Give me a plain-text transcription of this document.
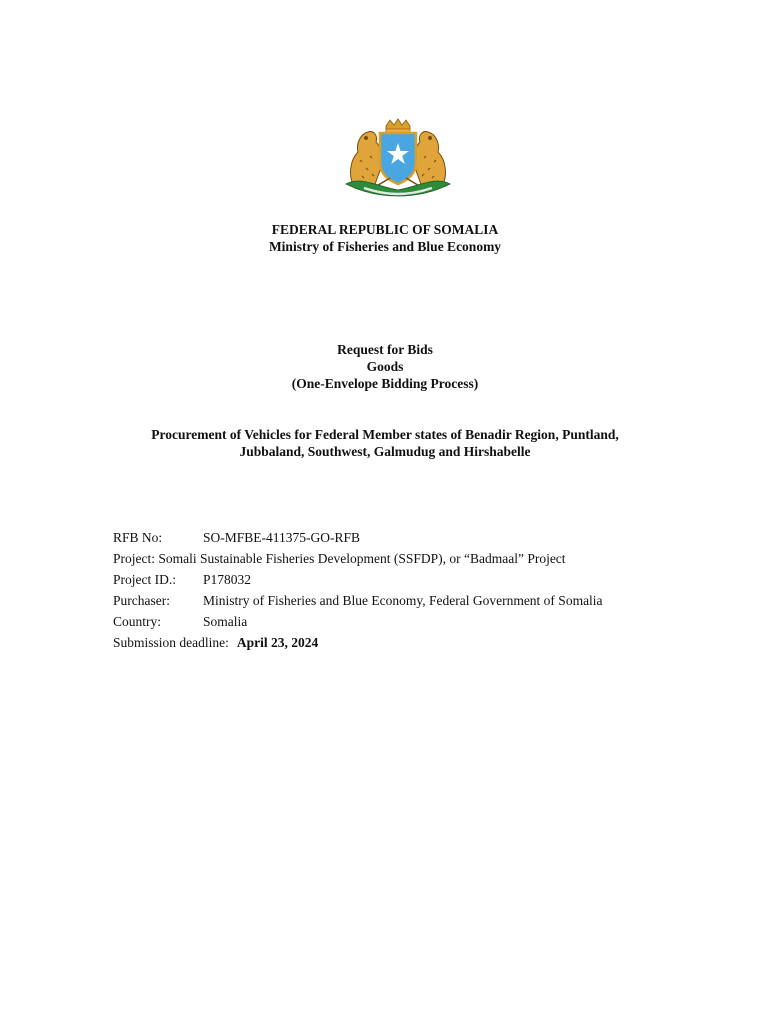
FEDERAL REPUBLIC OF SOMALIA
Ministry of Fisheries and Blue Economy
Request for Bids
Goods
(One-Envelope Bidding Process)
Procurement of Vehicles for Federal Member states of Benadir Region, Puntland,
Jubbaland, Southwest, Galmudug and Hirshabelle
RFB No:	SO-MFBE-411375-GO-RFB
Project: Somali Sustainable Fisheries Development (SSFDP), or “Badmaal” Project
Project ID.: P178032
Purchaser: Ministry of Fisheries and Blue Economy, Federal Government of Somalia
Country:	Somalia
Submission deadline: April 23, 2024
